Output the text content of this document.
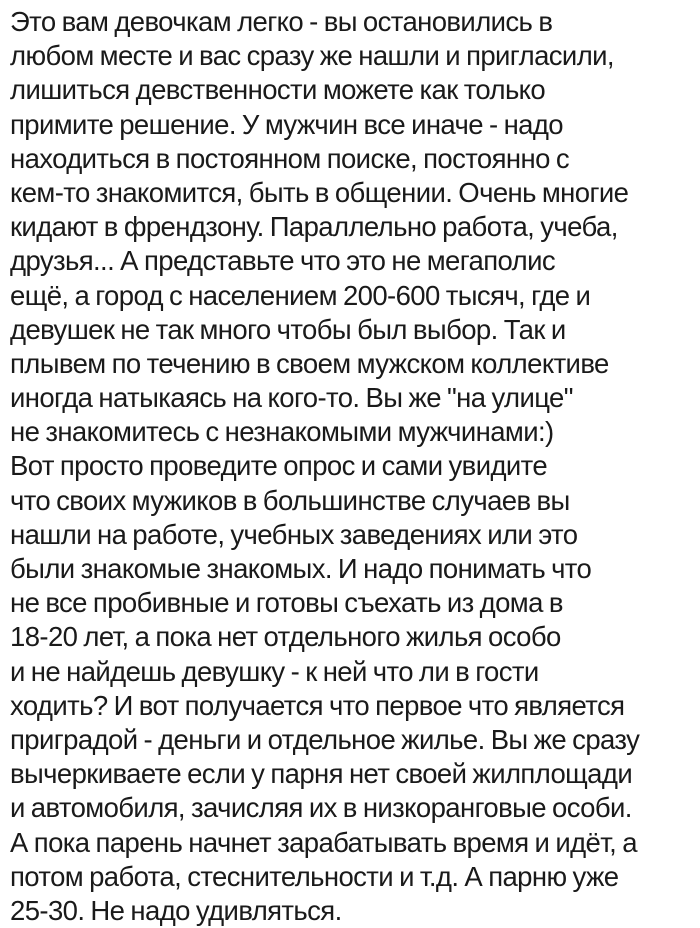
Это вам девочкам легко - вы остановились в
любом месте и вас сразу же нашли и пригласили,
лишиться девственности можете как только
примите решение. У мужчин все иначе - надо
находиться в постоянном поиске, постоянно с
кем-то знакомится, быть в общении. Очень многие
кидают в френдзону. Параллельно работа, учеба,
друзья... А представьте что это не мегаполис
ещё, а город с населением 200-600 тысяч, где и
девушек не так много чтобы был выбор. Так и
плывем по течению в своем мужском коллективе
иногда натыкаясь на кого-то. Вы же "на улице"
не знакомитесь с незнакомыми мужчинами:)
Вот просто проведите опрос и сами увидите
что своих мужиков в большинстве случаев вы
нашли на работе, учебных заведениях или это
были знакомые знакомых. И надо понимать что
не все пробивные и готовы съехать из дома в
18-20 лет, а пока нет отдельного жилья особо
и не найдешь девушку - к ней что ли в гости
ходить? И вот получается что первое что является
приградой - деньги и отдельное жилье. Вы же сразу
вычеркиваете если у парня нет своей жилплощади
и автомобиля, зачисляя их в низкоранговые особи.
А пока парень начнет зарабатывать время и идёт, а
потом работа, стеснительности и т.д. А парню уже
25-30. Не надо удивляться.
